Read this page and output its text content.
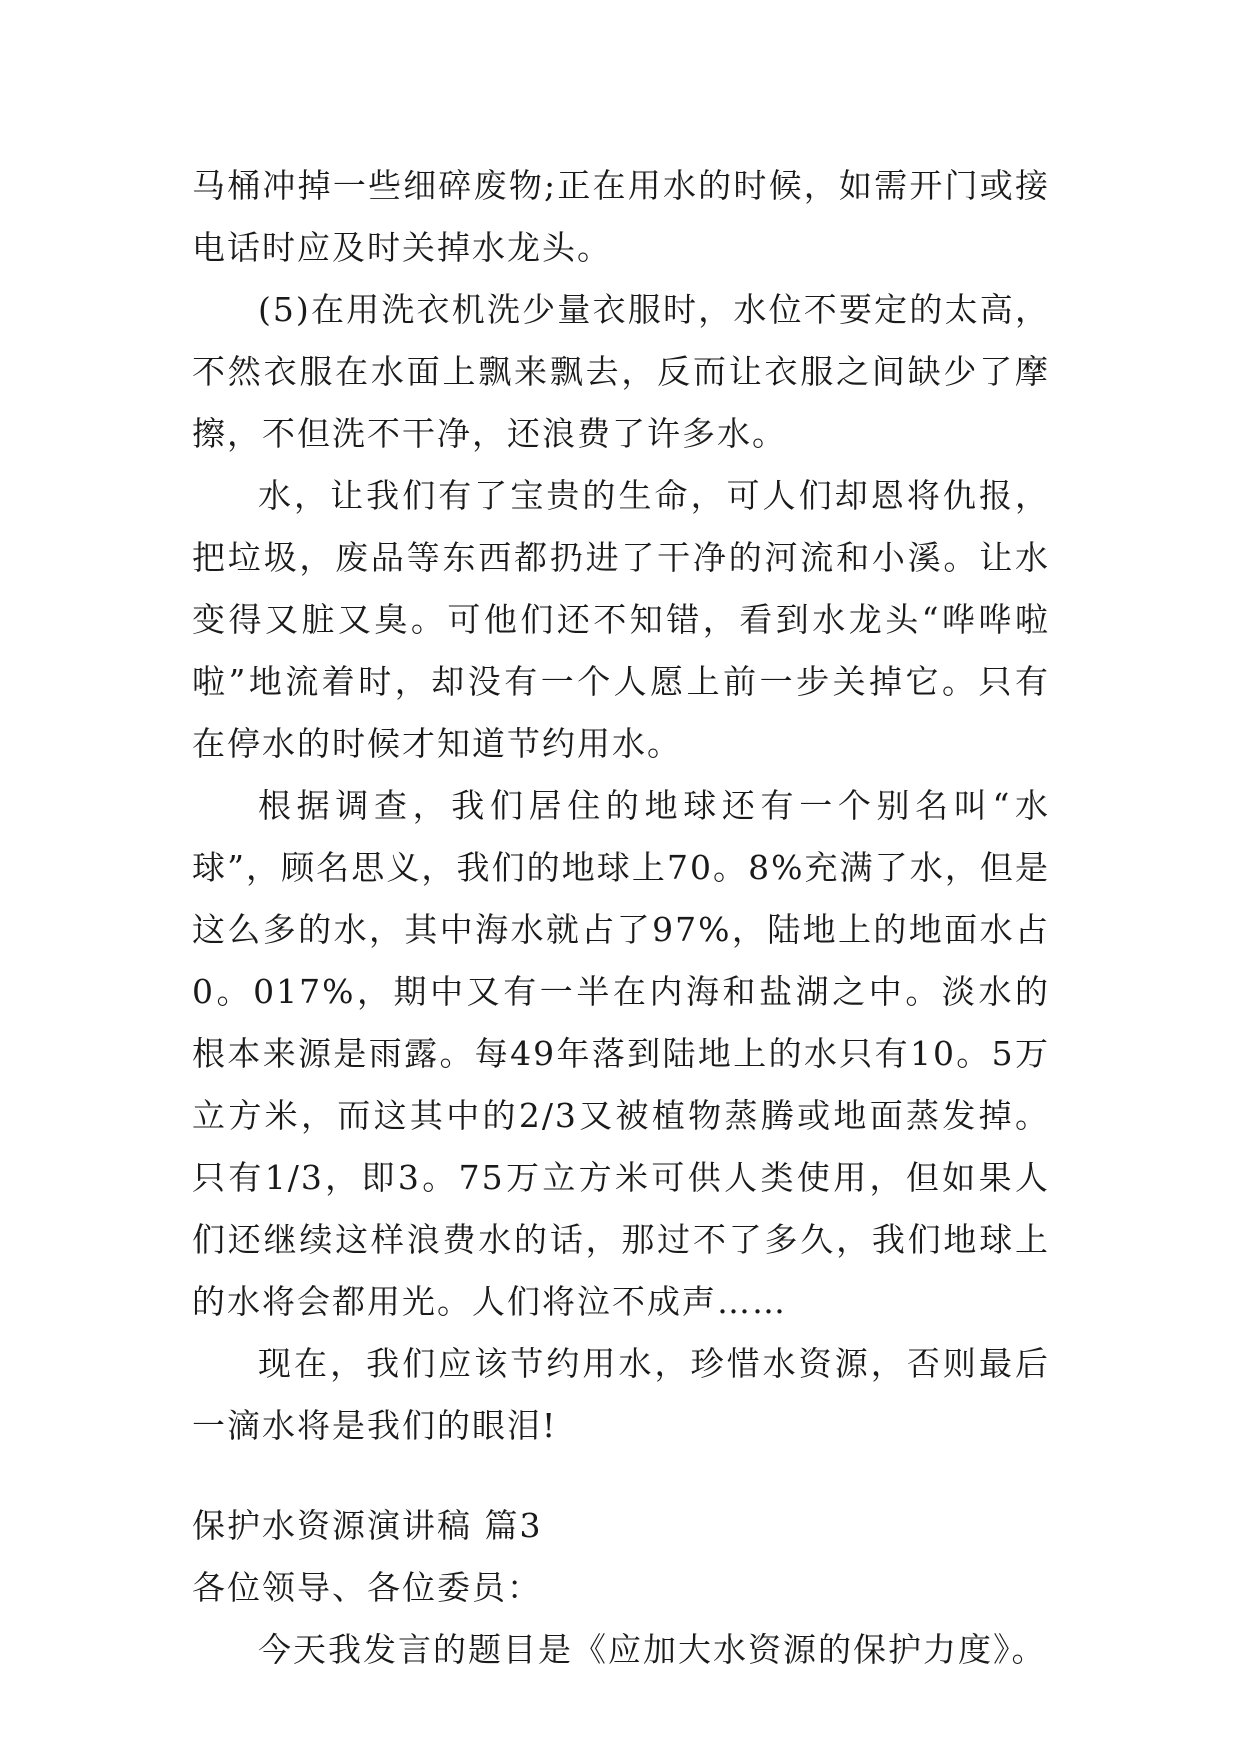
马桶冲掉一些细碎废物;正在用水的时候，如需开门或接电话时应及时关掉水龙头。

(5)在用洗衣机洗少量衣服时，水位不要定的太高，不然衣服在水面上飘来飘去，反而让衣服之间缺少了摩擦，不但洗不干净，还浪费了许多水。

水，让我们有了宝贵的生命，可人们却恩将仇报，把垃圾，废品等东西都扔进了干净的河流和小溪。让水变得又脏又臭。可他们还不知错，看到水龙头“哗哗啦啦”地流着时，却没有一个人愿上前一步关掉它。只有在停水的时候才知道节约用水。

根据调查，我们居住的地球还有一个别名叫“水球”，顾名思义，我们的地球上70。8%充满了水，但是这么多的水，其中海水就占了97%，陆地上的地面水占0。017%，期中又有一半在内海和盐湖之中。淡水的根本来源是雨露。每49年落到陆地上的水只有10。5万立方米，而这其中的2/3又被植物蒸腾或地面蒸发掉。只有1/3，即3。75万立方米可供人类使用，但如果人们还继续这样浪费水的话，那过不了多久，我们地球上的水将会都用光。人们将泣不成声……

现在，我们应该节约用水，珍惜水资源，否则最后一滴水将是我们的眼泪!

保护水资源演讲稿 篇3

各位领导、各位委员：

今天我发言的题目是《应加大水资源的保护力度》。
